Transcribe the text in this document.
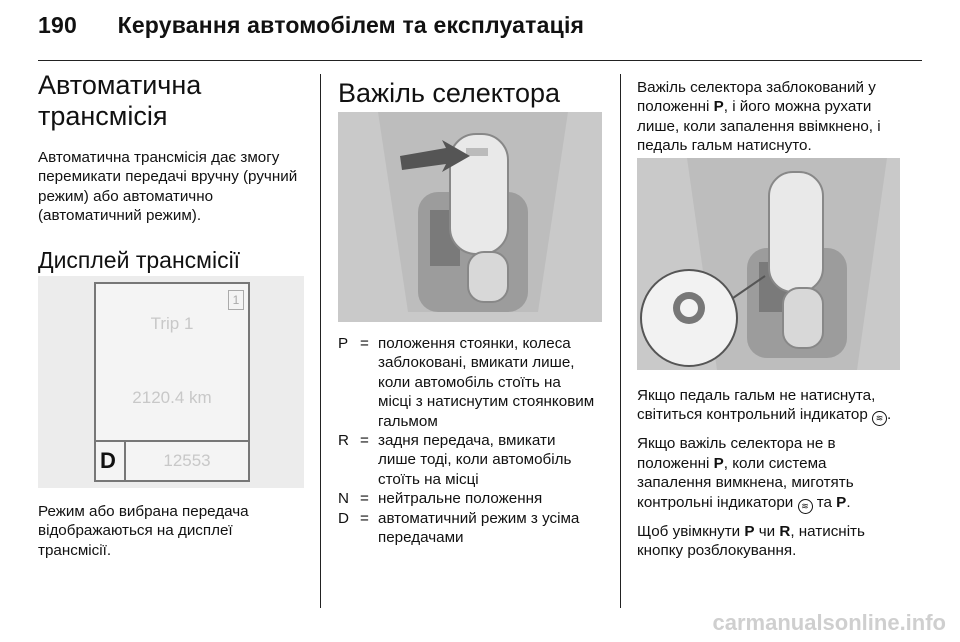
190 Керування автомобілем та експлуатація
Автоматична трансмісія

Автоматична трансмісія дає змогу перемикати передачі вручну (ручний режим) або автоматично (автоматичний режим).

Дисплей трансмісії
1
Trip 1
2120.4 km
D	12553

Режим або вибрана передача відображаються на дисплеї трансмісії.

Важіль селектора
P = положення стоянки, колеса заблоковані, вмикати лише, коли автомобіль стоїть на місці з натиснутим стоянковим гальмом
R = задня передача, вмикати лише тоді, коли автомобіль стоїть на місці
N = нейтральне положення
D = автоматичний режим з усіма передачами

Важіль селектора заблокований у положенні P, і його можна рухати лише, коли запалення ввімкнено, і педаль гальм натиснуто.

Якщо педаль гальм не натиснута, світиться контрольний індикатор ≋ .

Якщо важіль селектора не в положенні P, коли система запалення вимкнена, миготять контрольні індикатори ≋ та P.

Щоб увімкнути P чи R, натисніть кнопку розблокування.

carmanualsonline.info
